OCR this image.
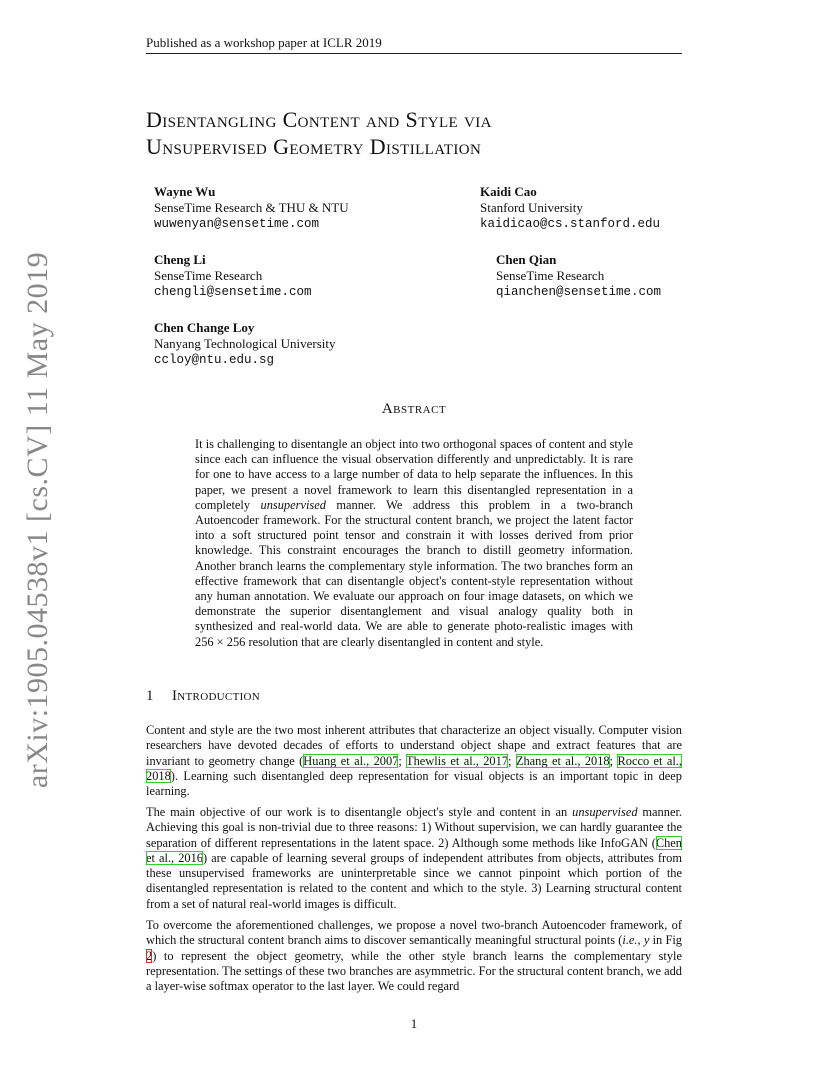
Published as a workshop paper at ICLR 2019
arXiv:1905.04538v1 [cs.CV] 11 May 2019
Disentangling Content and Style via
Unsupervised Geometry Distillation
Wayne Wu
SenseTime Research & THU & NTU
wuwenyan@sensetime.com
Kaidi Cao
Stanford University
kaidicao@cs.stanford.edu
Cheng Li
SenseTime Research
chengli@sensetime.com
Chen Qian
SenseTime Research
qianchen@sensetime.com
Chen Change Loy
Nanyang Technological University
ccloy@ntu.edu.sg
Abstract
It is challenging to disentangle an object into two orthogonal spaces of content and style since each can influence the visual observation differently and unpredictably. It is rare for one to have access to a large number of data to help separate the influences. In this paper, we present a novel framework to learn this disentangled representation in a completely unsupervised manner. We address this problem in a two-branch Autoencoder framework. For the structural content branch, we project the latent factor into a soft structured point tensor and constrain it with losses derived from prior knowledge. This constraint encourages the branch to distill geometry information. Another branch learns the complementary style information. The two branches form an effective framework that can disentangle object's content-style representation without any human annotation. We evaluate our approach on four image datasets, on which we demonstrate the superior disentanglement and visual analogy quality both in synthesized and real-world data. We are able to generate photo-realistic images with 256 × 256 resolution that are clearly disentangled in content and style.
1 Introduction
Content and style are the two most inherent attributes that characterize an object visually. Computer vision researchers have devoted decades of efforts to understand object shape and extract features that are invariant to geometry change (Huang et al., 2007; Thewlis et al., 2017; Zhang et al., 2018; Rocco et al., 2018). Learning such disentangled deep representation for visual objects is an important topic in deep learning.
The main objective of our work is to disentangle object's style and content in an unsupervised manner. Achieving this goal is non-trivial due to three reasons: 1) Without supervision, we can hardly guarantee the separation of different representations in the latent space. 2) Although some methods like InfoGAN (Chen et al., 2016) are capable of learning several groups of independent attributes from objects, attributes from these unsupervised frameworks are uninterpretable since we cannot pinpoint which portion of the disentangled representation is related to the content and which to the style. 3) Learning structural content from a set of natural real-world images is difficult.
To overcome the aforementioned challenges, we propose a novel two-branch Autoencoder framework, of which the structural content branch aims to discover semantically meaningful structural points (i.e., y in Fig 2) to represent the object geometry, while the other style branch learns the complementary style representation. The settings of these two branches are asymmetric. For the structural content branch, we add a layer-wise softmax operator to the last layer. We could regard
1
